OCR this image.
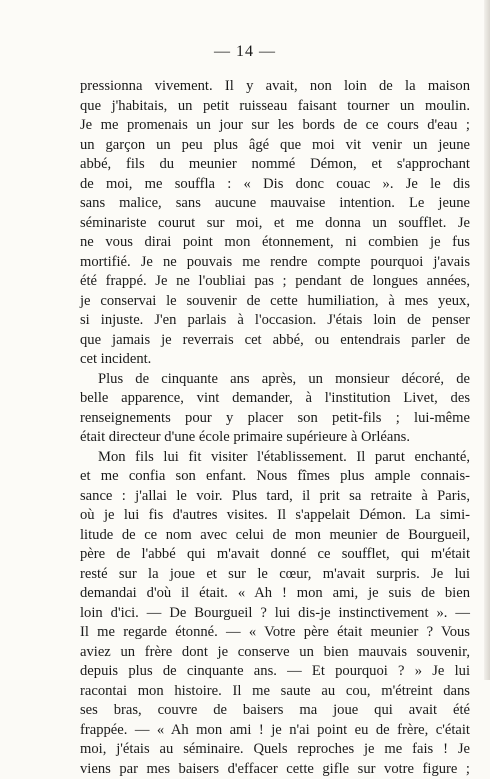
— 14 —
pressionna vivement. Il y avait, non loin de la maison
que j'habitais, un petit ruisseau faisant tourner un moulin.
Je me promenais un jour sur les bords de ce cours d'eau ;
un garçon un peu plus âgé que moi vit venir un jeune
abbé, fils du meunier nommé Démon, et s'approchant
de moi, me souffla : « Dis donc couac ». Je le dis
sans malice, sans aucune mauvaise intention. Le jeune
séminariste courut sur moi, et me donna un soufflet. Je
ne vous dirai point mon étonnement, ni combien je fus
mortifié. Je ne pouvais me rendre compte pourquoi j'avais
été frappé. Je ne l'oubliai pas ; pendant de longues années,
je conservai le souvenir de cette humiliation, à mes yeux,
si injuste. J'en parlais à l'occasion. J'étais loin de penser
que jamais je reverrais cet abbé, ou entendrais parler de
cet incident.
Plus de cinquante ans après, un monsieur décoré, de
belle apparence, vint demander, à l'institution Livet, des
renseignements pour y placer son petit-fils ; lui-même
était directeur d'une école primaire supérieure à Orléans.
Mon fils lui fit visiter l'établissement. Il parut enchanté,
et me confia son enfant. Nous fîmes plus ample connais-
sance : j'allai le voir. Plus tard, il prit sa retraite à Paris,
où je lui fis d'autres visites. Il s'appelait Démon. La simi-
litude de ce nom avec celui de mon meunier de Bourgueil,
père de l'abbé qui m'avait donné ce soufflet, qui m'était
resté sur la joue et sur le cœur, m'avait surpris. Je lui
demandai d'où il était. « Ah ! mon ami, je suis de bien
loin d'ici. — De Bourgueil ? lui dis-je instinctivement ». —
Il me regarde étonné. — « Votre père était meunier ? Vous
aviez un frère dont je conserve un bien mauvais souvenir,
depuis plus de cinquante ans. — Et pourquoi ? » Je lui
racontai mon histoire. Il me saute au cou, m'étreint dans
ses bras, couvre de baisers ma joue qui avait été
frappée. — « Ah mon ami ! je n'ai point eu de frère, c'était
moi, j'étais au séminaire. Quels reproches je me fais ! Je
viens par mes baisers d'effacer cette gifle sur votre figure ;
